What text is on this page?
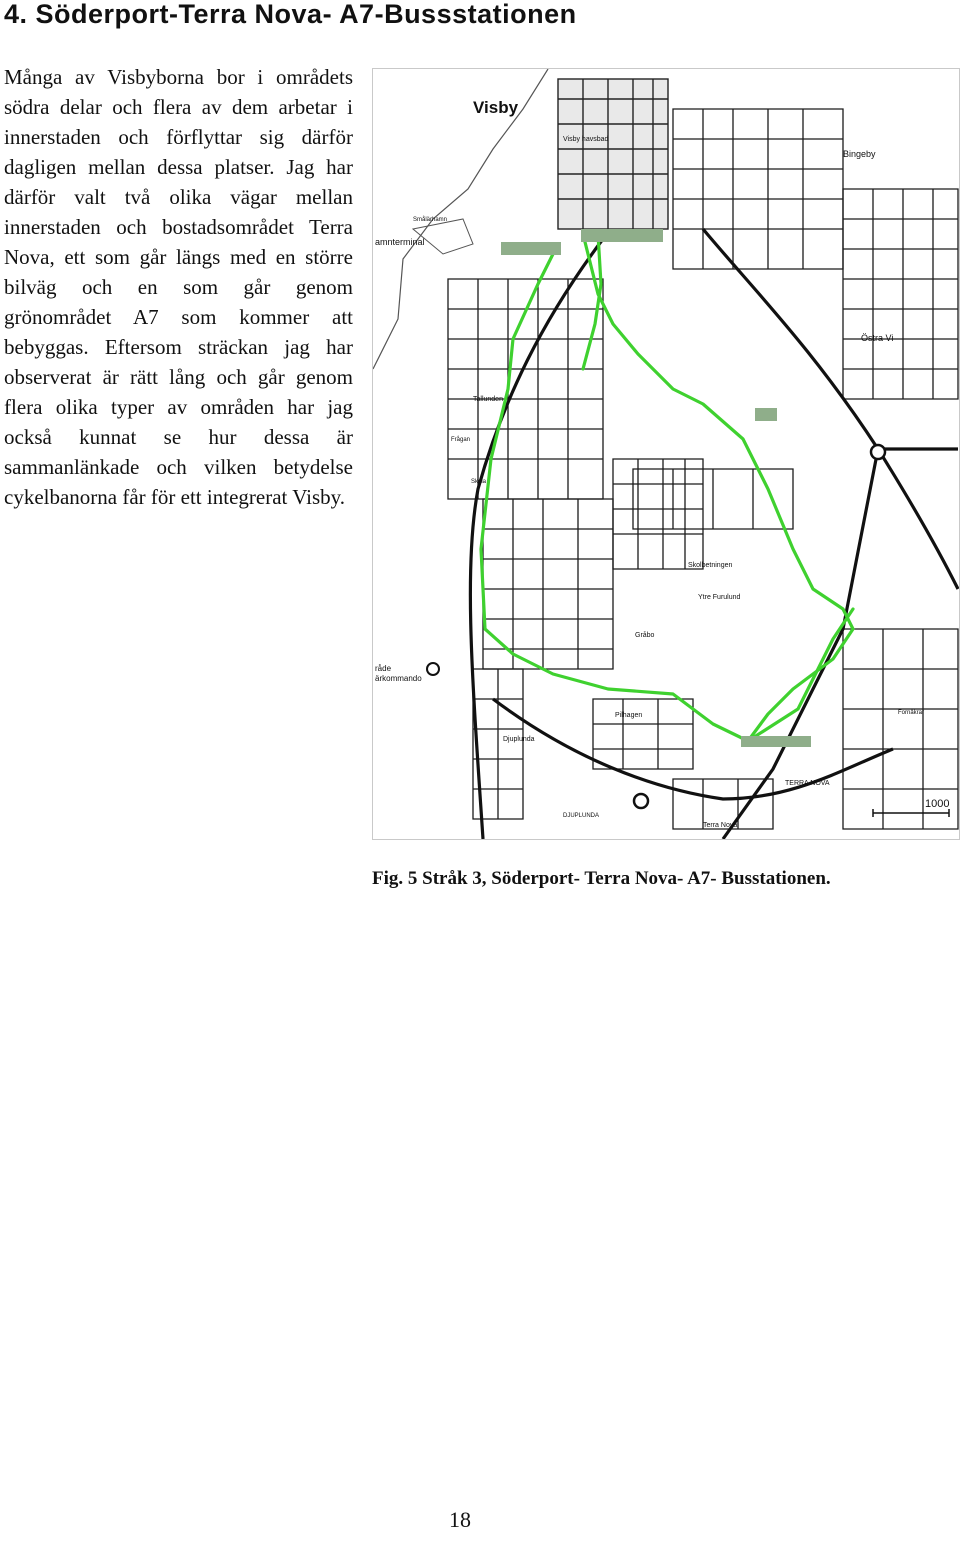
4. Söderport-Terra Nova- A7-Bussstationen

Många av Visbyborna bor i områdets södra delar och flera av dem arbetar i innerstaden och förflyttar sig därför dagligen mellan dessa platser. Jag har därför valt två olika vägar mellan innerstaden och bostadsområdet Terra Nova, ett som går längs med en större bilväg och en som går genom grönområdet A7 som kommer att bebyggas. Eftersom sträckan jag har observerat är rätt lång och går genom flera olika typer av områden har jag också kunnat se hur dessa är sammanlänkade och vilken betydelse cykelbanorna får för ett integrerat Visby.

Visby
Visby havsbad
Bingeby
Smålärhamn
amnterminal
Östra Vi
Tallunden
Frågan
Skola
Skolbetningen
Ytre Furulund
Gråbo
Pilhagen
råde
ärkommando
Djuplunda
DJUPLUNDA
TERRA NOVA
Terra Nova
Fornåkrar
1000

Fig. 5 Stråk 3, Söderport- Terra Nova- A7- Busstationen.

18
